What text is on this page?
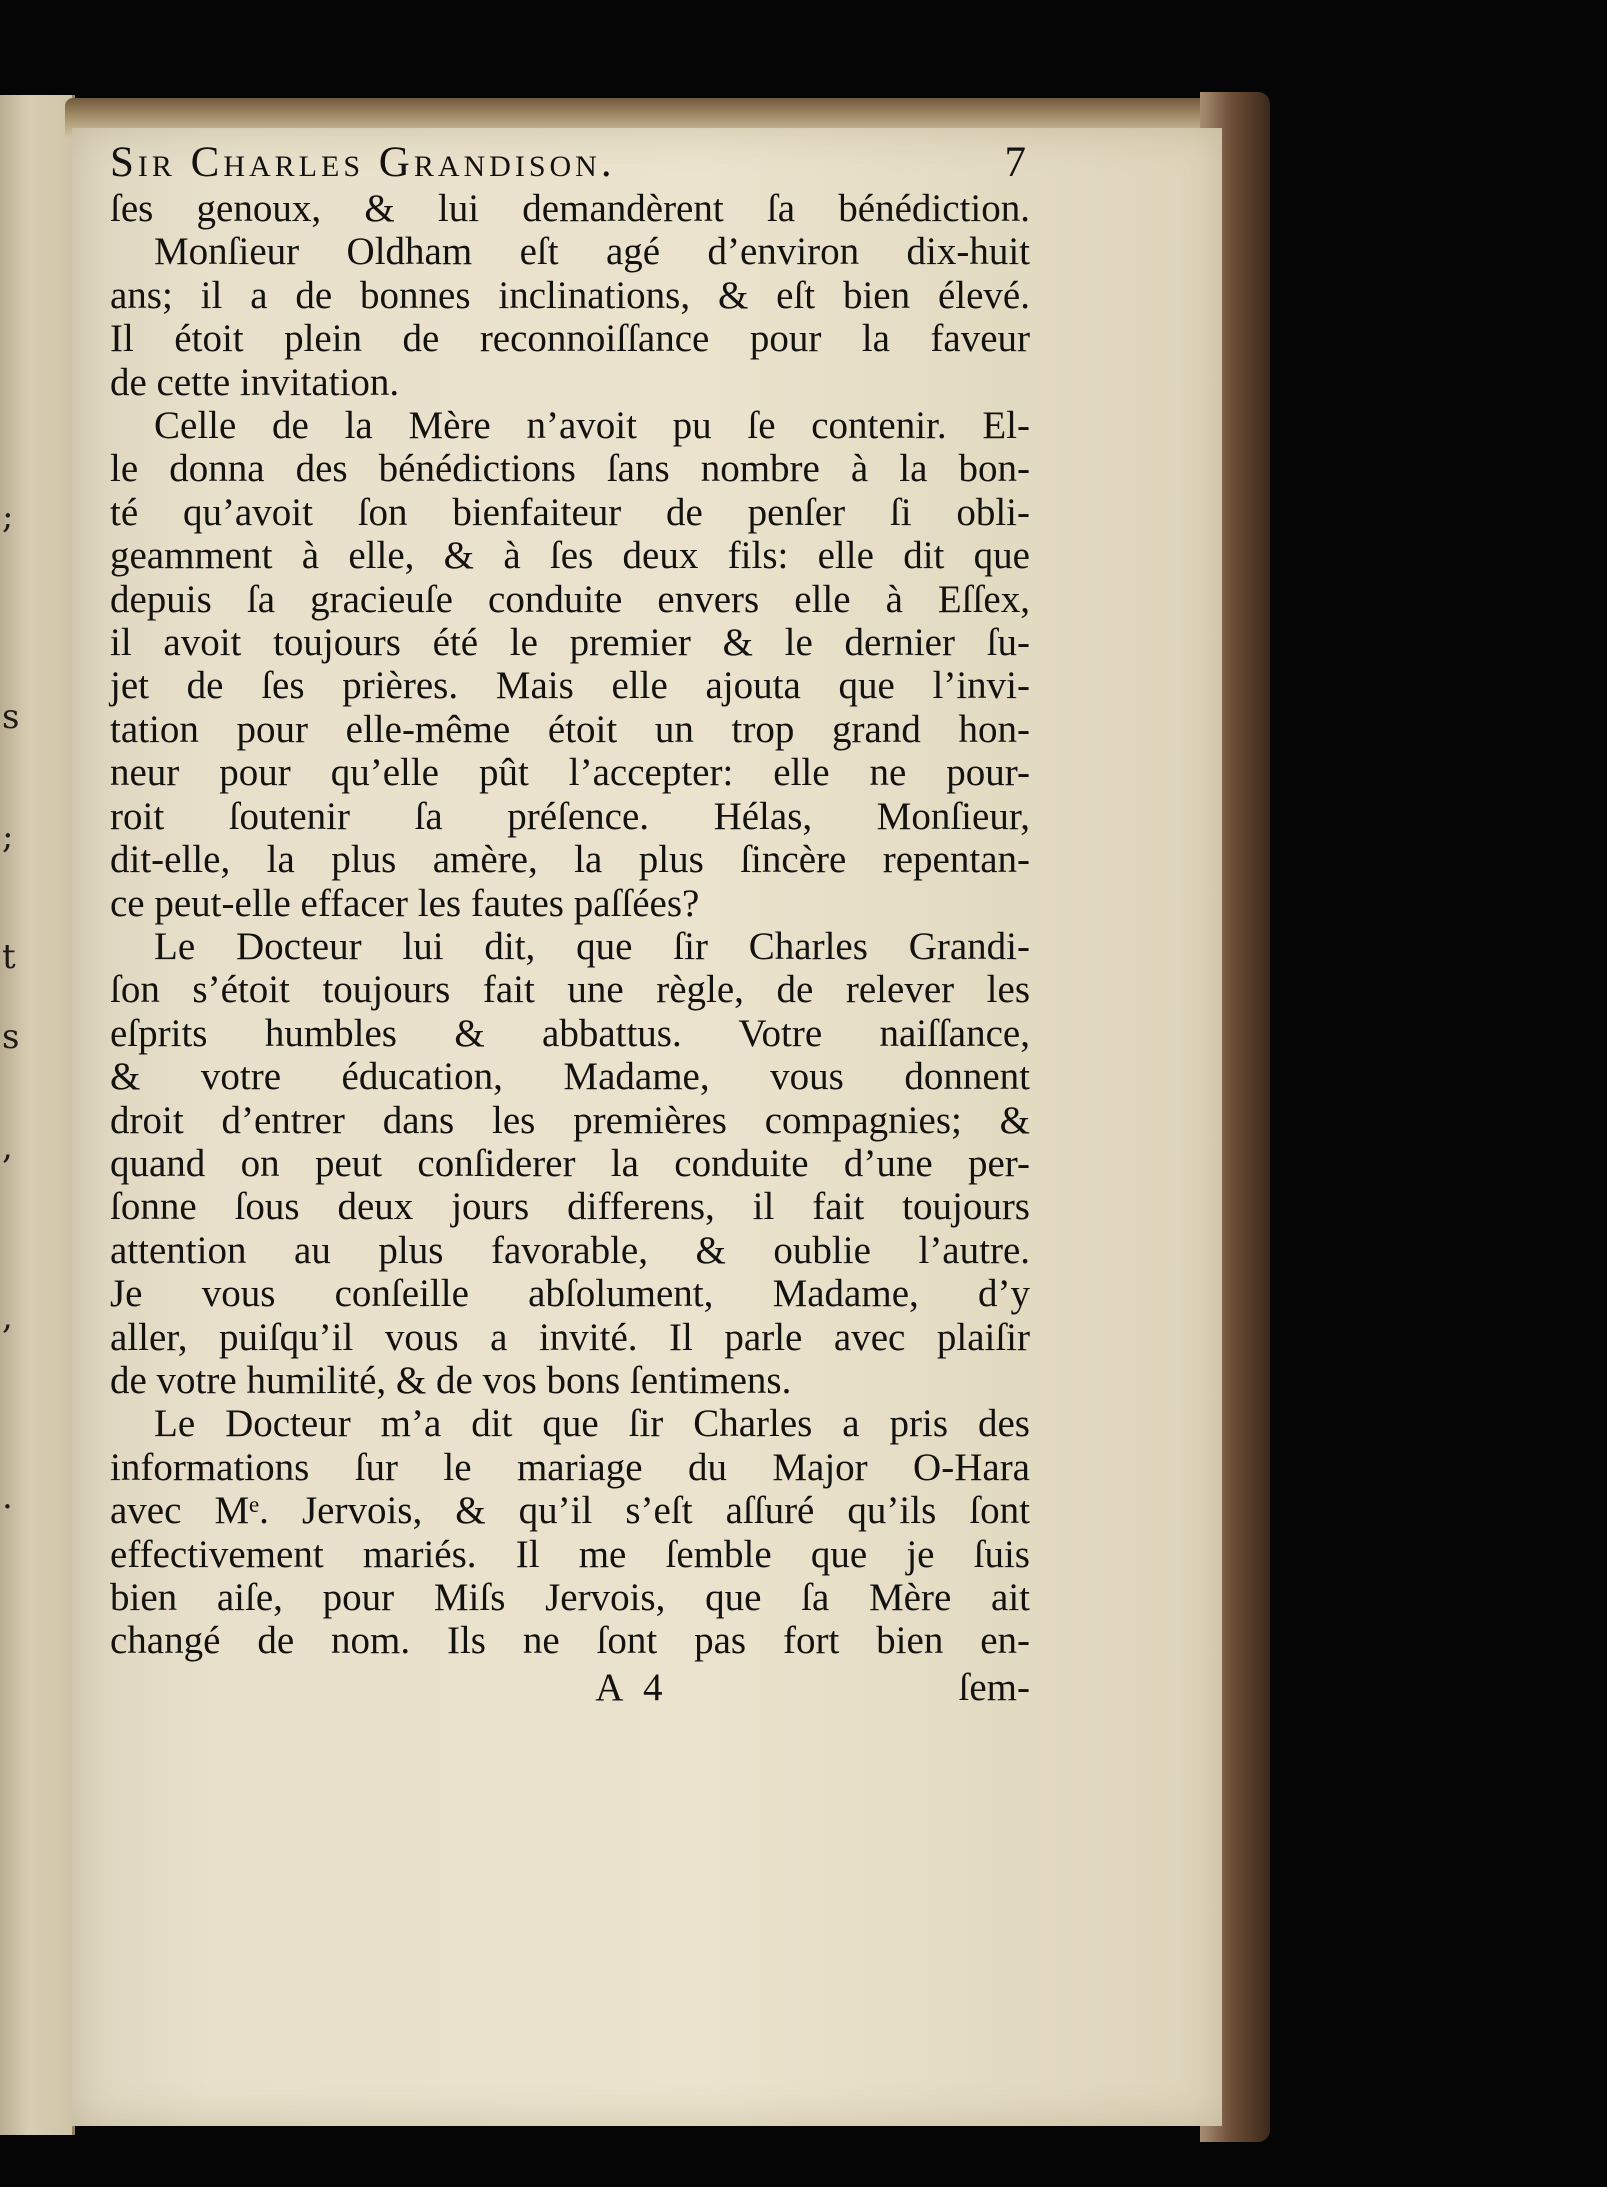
;
s
;
t
s
,
,
.
Sir Charles Grandison.	7
ſes genoux, & lui demandèrent ſa bénédiction.
Monſieur Oldham eſt agé d’environ dix-huit
ans; il a de bonnes inclinations, & eſt bien élevé.
Il étoit plein de reconnoiſſance pour la faveur
de cette invitation.
Celle de la Mère n’avoit pu ſe contenir. El-
le donna des bénédictions ſans nombre à la bon-
té qu’avoit ſon bienfaiteur de penſer ſi obli-
geamment à elle, & à ſes deux fils: elle dit que
depuis ſa gracieuſe conduite envers elle à Eſſex,
il avoit toujours été le premier & le dernier ſu-
jet de ſes prières. Mais elle ajouta que l’invi-
tation pour elle-même étoit un trop grand hon-
neur pour qu’elle pût l’accepter: elle ne pour-
roit ſoutenir ſa préſence. Hélas, Monſieur,
dit-elle, la plus amère, la plus ſincère repentan-
ce peut-elle effacer les fautes paſſées?
Le Docteur lui dit, que ſir Charles Grandi-
ſon s’étoit toujours fait une règle, de relever les
eſprits humbles & abbattus. Votre naiſſance,
& votre éducation, Madame, vous donnent
droit d’entrer dans les premières compagnies; &
quand on peut conſiderer la conduite d’une per-
ſonne ſous deux jours differens, il fait toujours
attention au plus favorable, & oublie l’autre.
Je vous conſeille abſolument, Madame, d’y
aller, puiſqu’il vous a invité. Il parle avec plaiſir
de votre humilité, & de vos bons ſentimens.
Le Docteur m’a dit que ſir Charles a pris des
informations ſur le mariage du Major O-Hara
avec Mᵉ. Jervois, & qu’il s’eſt aſſuré qu’ils ſont
effectivement mariés. Il me ſemble que je ſuis
bien aiſe, pour Miſs Jervois, que ſa Mère ait
changé de nom. Ils ne ſont pas fort bien en-
A 4	ſem-
